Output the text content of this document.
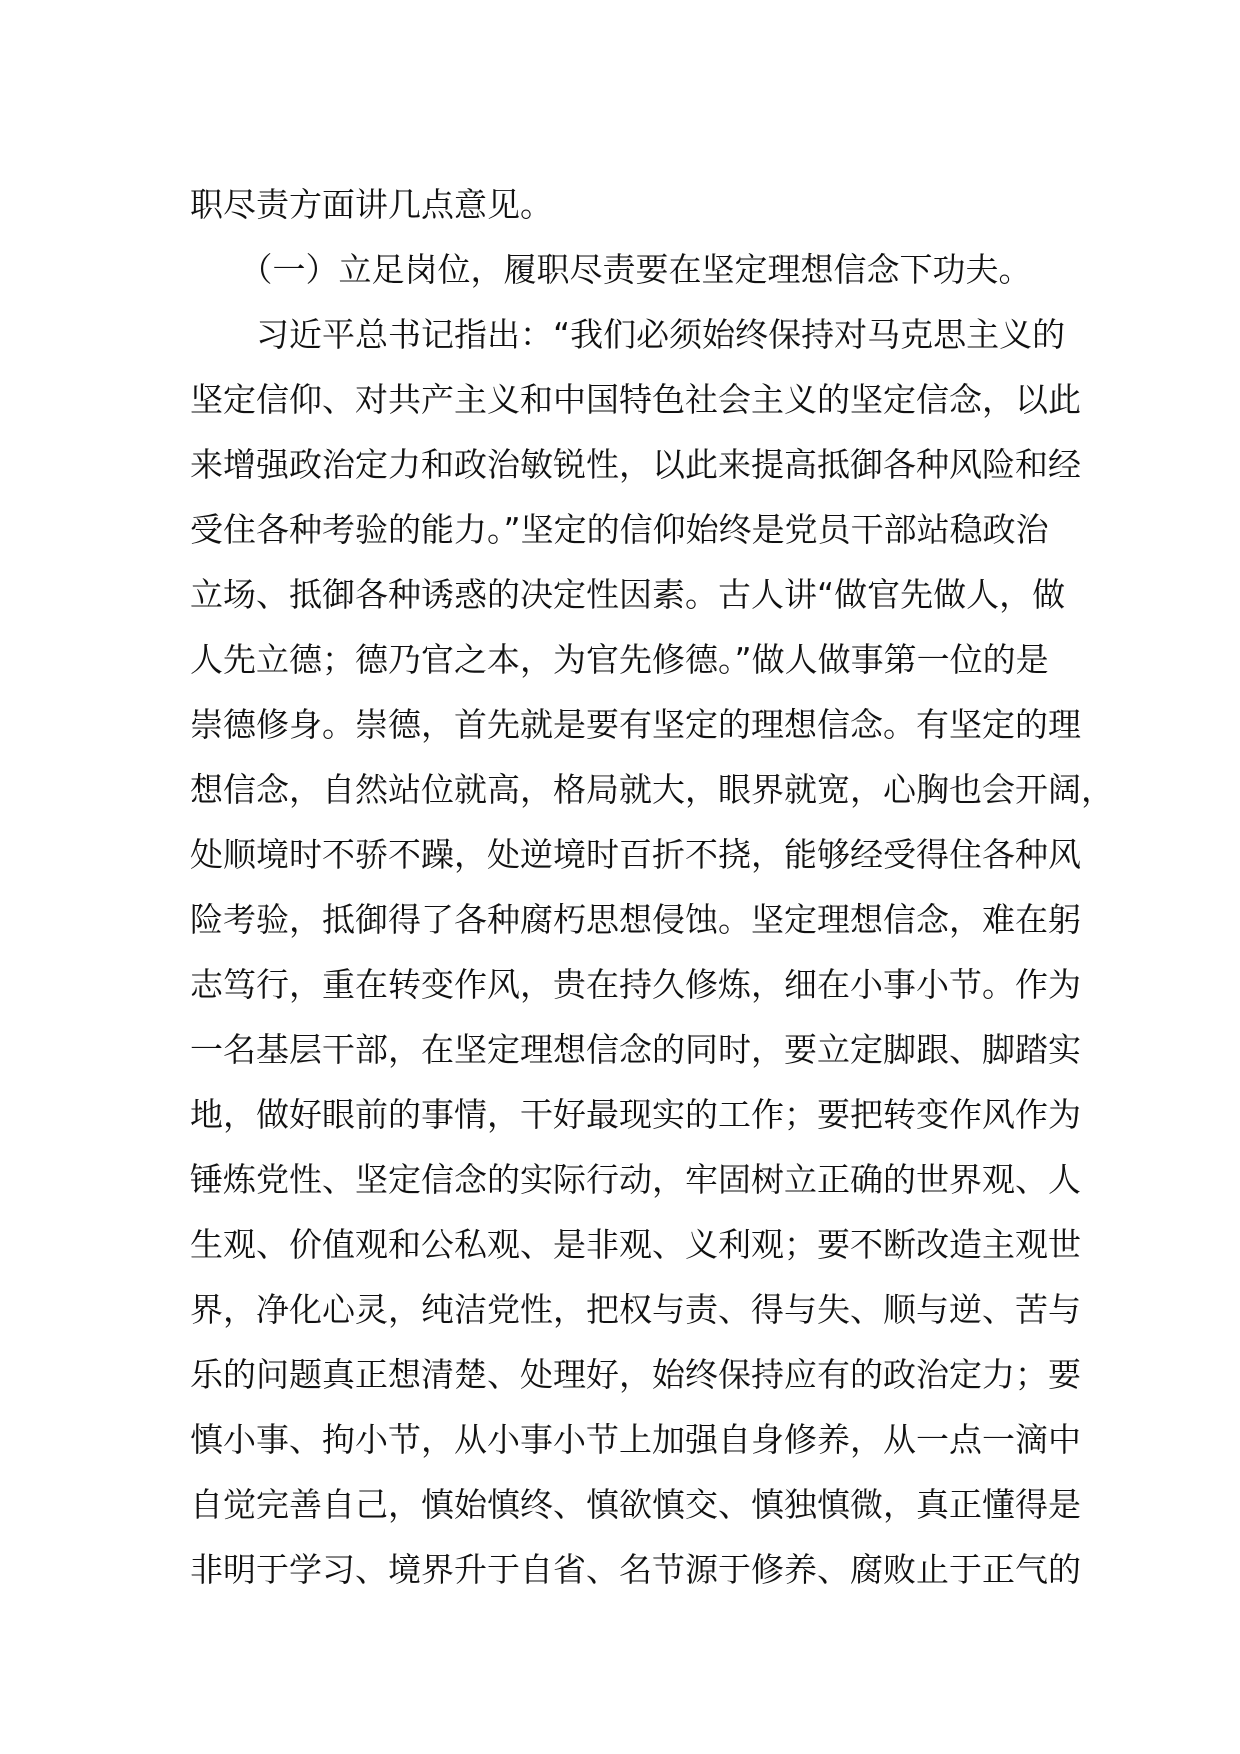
职尽责方面讲几点意见。
　　（一）立足岗位，履职尽责要在坚定理想信念下功夫。
　　习近平总书记指出：“我们必须始终保持对马克思主义的
坚定信仰、对共产主义和中国特色社会主义的坚定信念，以此
来增强政治定力和政治敏锐性，以此来提高抵御各种风险和经
受住各种考验的能力。”坚定的信仰始终是党员干部站稳政治
立场、抵御各种诱惑的决定性因素。古人讲“做官先做人，做
人先立德；德乃官之本，为官先修德。”做人做事第一位的是
崇德修身。崇德，首先就是要有坚定的理想信念。有坚定的理
想信念，自然站位就高，格局就大，眼界就宽，心胸也会开阔，
处顺境时不骄不躁，处逆境时百折不挠，能够经受得住各种风
险考验，抵御得了各种腐朽思想侵蚀。坚定理想信念，难在躬
志笃行，重在转变作风，贵在持久修炼，细在小事小节。作为
一名基层干部，在坚定理想信念的同时，要立定脚跟、脚踏实
地，做好眼前的事情，干好最现实的工作；要把转变作风作为
锤炼党性、坚定信念的实际行动，牢固树立正确的世界观、人
生观、价值观和公私观、是非观、义利观；要不断改造主观世
界，净化心灵，纯洁党性，把权与责、得与失、顺与逆、苦与
乐的问题真正想清楚、处理好，始终保持应有的政治定力；要
慎小事、拘小节，从小事小节上加强自身修养，从一点一滴中
自觉完善自己，慎始慎终、慎欲慎交、慎独慎微，真正懂得是
非明于学习、境界升于自省、名节源于修养、腐败止于正气的
